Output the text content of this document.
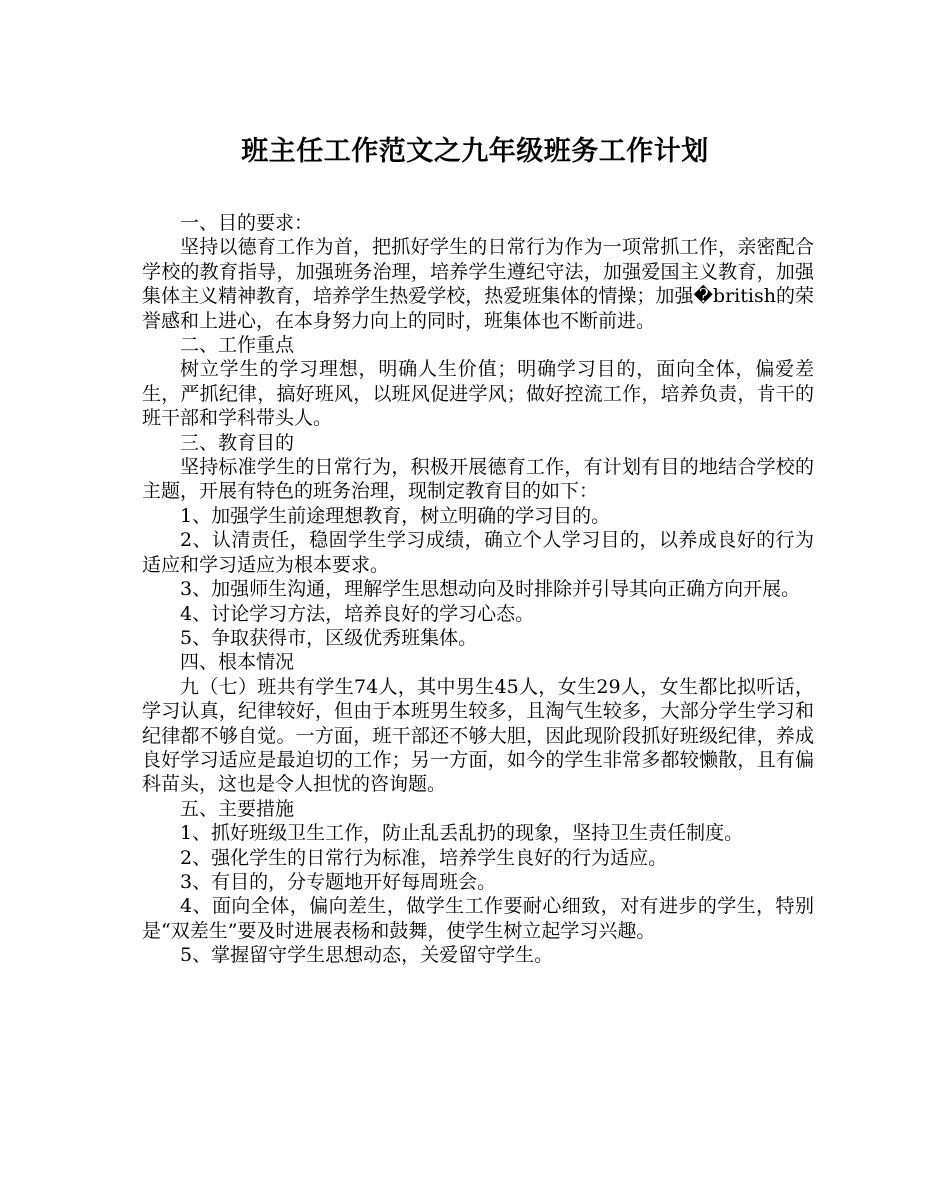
班主任工作范文之九年级班务工作计划

一、目的要求：

坚持以德育工作为首，把抓好学生的日常行为作为一项常抓工作，亲密配合学校的教育指导，加强班务治理，培养学生遵纪守法，加强爱国主义教育，加强集体主义精神教育，培养学生热爱学校，热爱班集体的情操；加强�british的荣誉感和上进心，在本身努力向上的同时，班集体也不断前进。

二、工作重点

树立学生的学习理想，明确人生价值；明确学习目的，面向全体，偏爱差生，严抓纪律，搞好班风，以班风促进学风；做好控流工作，培养负责，肯干的班干部和学科带头人。

三、教育目的

坚持标准学生的日常行为，积极开展德育工作，有计划有目的地结合学校的主题，开展有特色的班务治理，现制定教育目的如下：

1、加强学生前途理想教育，树立明确的学习目的。

2、认清责任，稳固学生学习成绩，确立个人学习目的，以养成良好的行为适应和学习适应为根本要求。

3、加强师生沟通，理解学生思想动向及时排除并引导其向正确方向开展。

4、讨论学习方法，培养良好的学习心态。

5、争取获得市，区级优秀班集体。

四、根本情况

九（七）班共有学生74人，其中男生45人，女生29人，女生都比拟听话，学习认真，纪律较好，但由于本班男生较多，且淘气生较多，大部分学生学习和纪律都不够自觉。一方面，班干部还不够大胆，因此现阶段抓好班级纪律，养成良好学习适应是最迫切的工作；另一方面，如今的学生非常多都较懒散，且有偏科苗头，这也是令人担忧的咨询题。

五、主要措施

1、抓好班级卫生工作，防止乱丢乱扔的现象，坚持卫生责任制度。

2、强化学生的日常行为标准，培养学生良好的行为适应。

3、有目的，分专题地开好每周班会。

4、面向全体，偏向差生，做学生工作要耐心细致，对有进步的学生，特别是“双差生”要及时进展表杨和鼓舞，使学生树立起学习兴趣。

5、掌握留守学生思想动态，关爱留守学生。
